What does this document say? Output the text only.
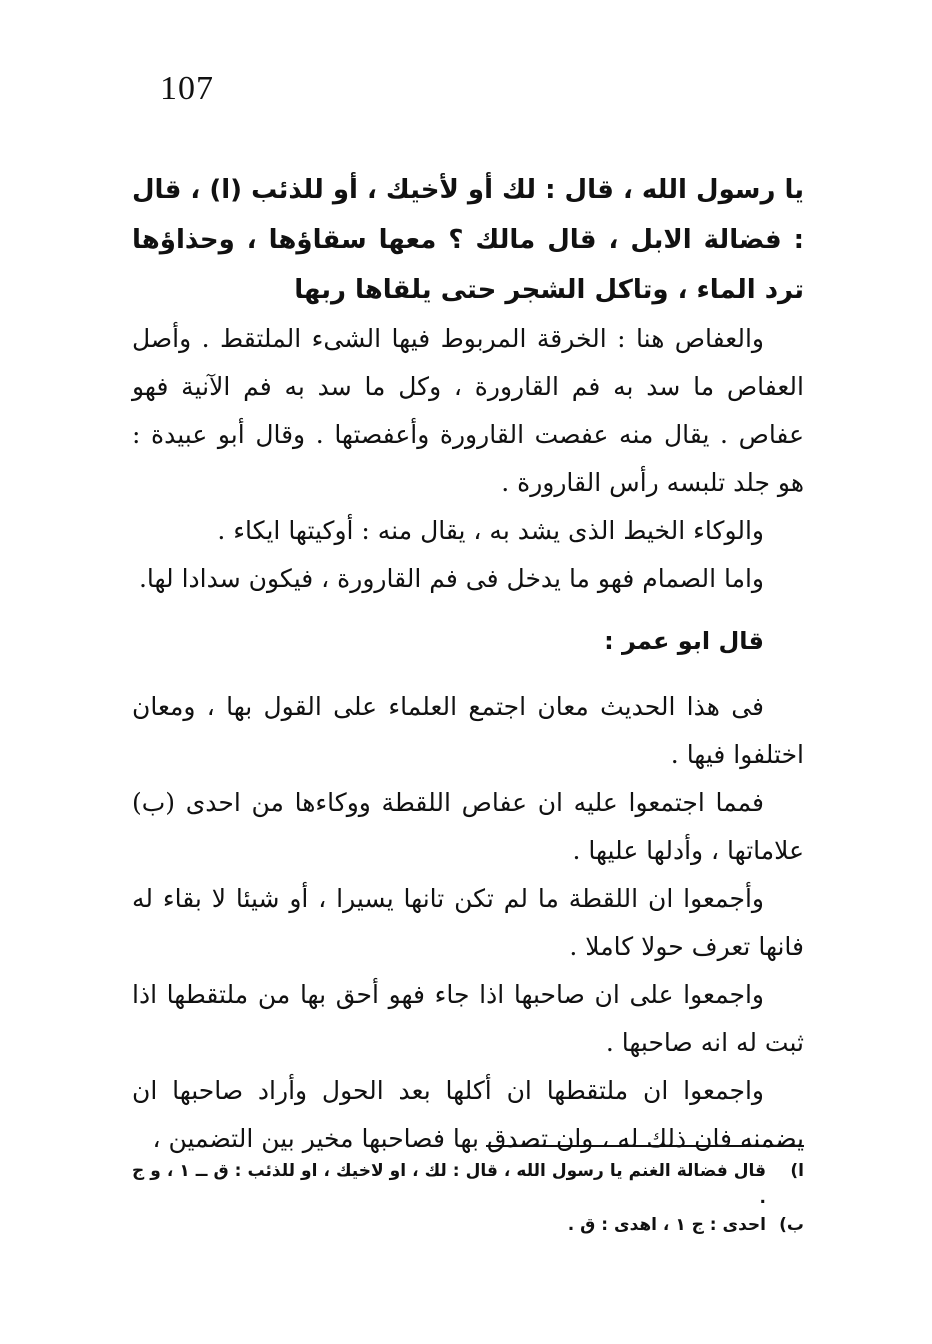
107

يا رسول الله ، قال : لك أو لأخيك ، أو للذئب (ا) ، قال : فضالة الابل ، قال مالك ؟ معها سقاؤها ، وحذاؤها ترد الماء ، وتاكل الشجر حتى يلقاها ربها

والعفاص هنا : الخرقة المربوط فيها الشىء الملتقط . وأصل العفاص ما سد به فم القارورة ، وكل ما سد به فم الآنية فهو عفاص . يقال منه عفصت القارورة وأعفصتها . وقال أبو عبيدة : هو جلد تلبسه رأس القارورة .

والوكاء الخيط الذى يشد به ، يقال منه : أوكيتها ايكاء .

واما الصمام فهو ما يدخل فى فم القارورة ، فيكون سدادا لها.

قال ابو عمر :

فى هذا الحديث معان اجتمع العلماء على القول بها ، ومعان اختلفوا فيها .

فمما اجتمعوا عليه ان عفاص اللقطة ووكاءها من احدى (ب) علاماتها ، وأدلها عليها .

وأجمعوا ان اللقطة ما لم تكن تانها يسيرا ، أو شيئا لا بقاء له فانها تعرف حولا كاملا .

واجمعوا على ان صاحبها اذا جاء فهو أحق بها من ملتقطها اذا ثبت له انه صاحبها .

واجمعوا ان ملتقطها ان أكلها بعد الحول وأراد صاحبها ان يضمنه فان ذلك له ، وان تصدق بها فصاحبها مخير بين التضمين ،

ا)
قال فضالة الغنم يا رسول الله ، قال : لك ، او لاخيك ، او للذئب : ق ــ ١ ، و ج .
ب)
احدى : ج ١ ، اهدى : ق .
